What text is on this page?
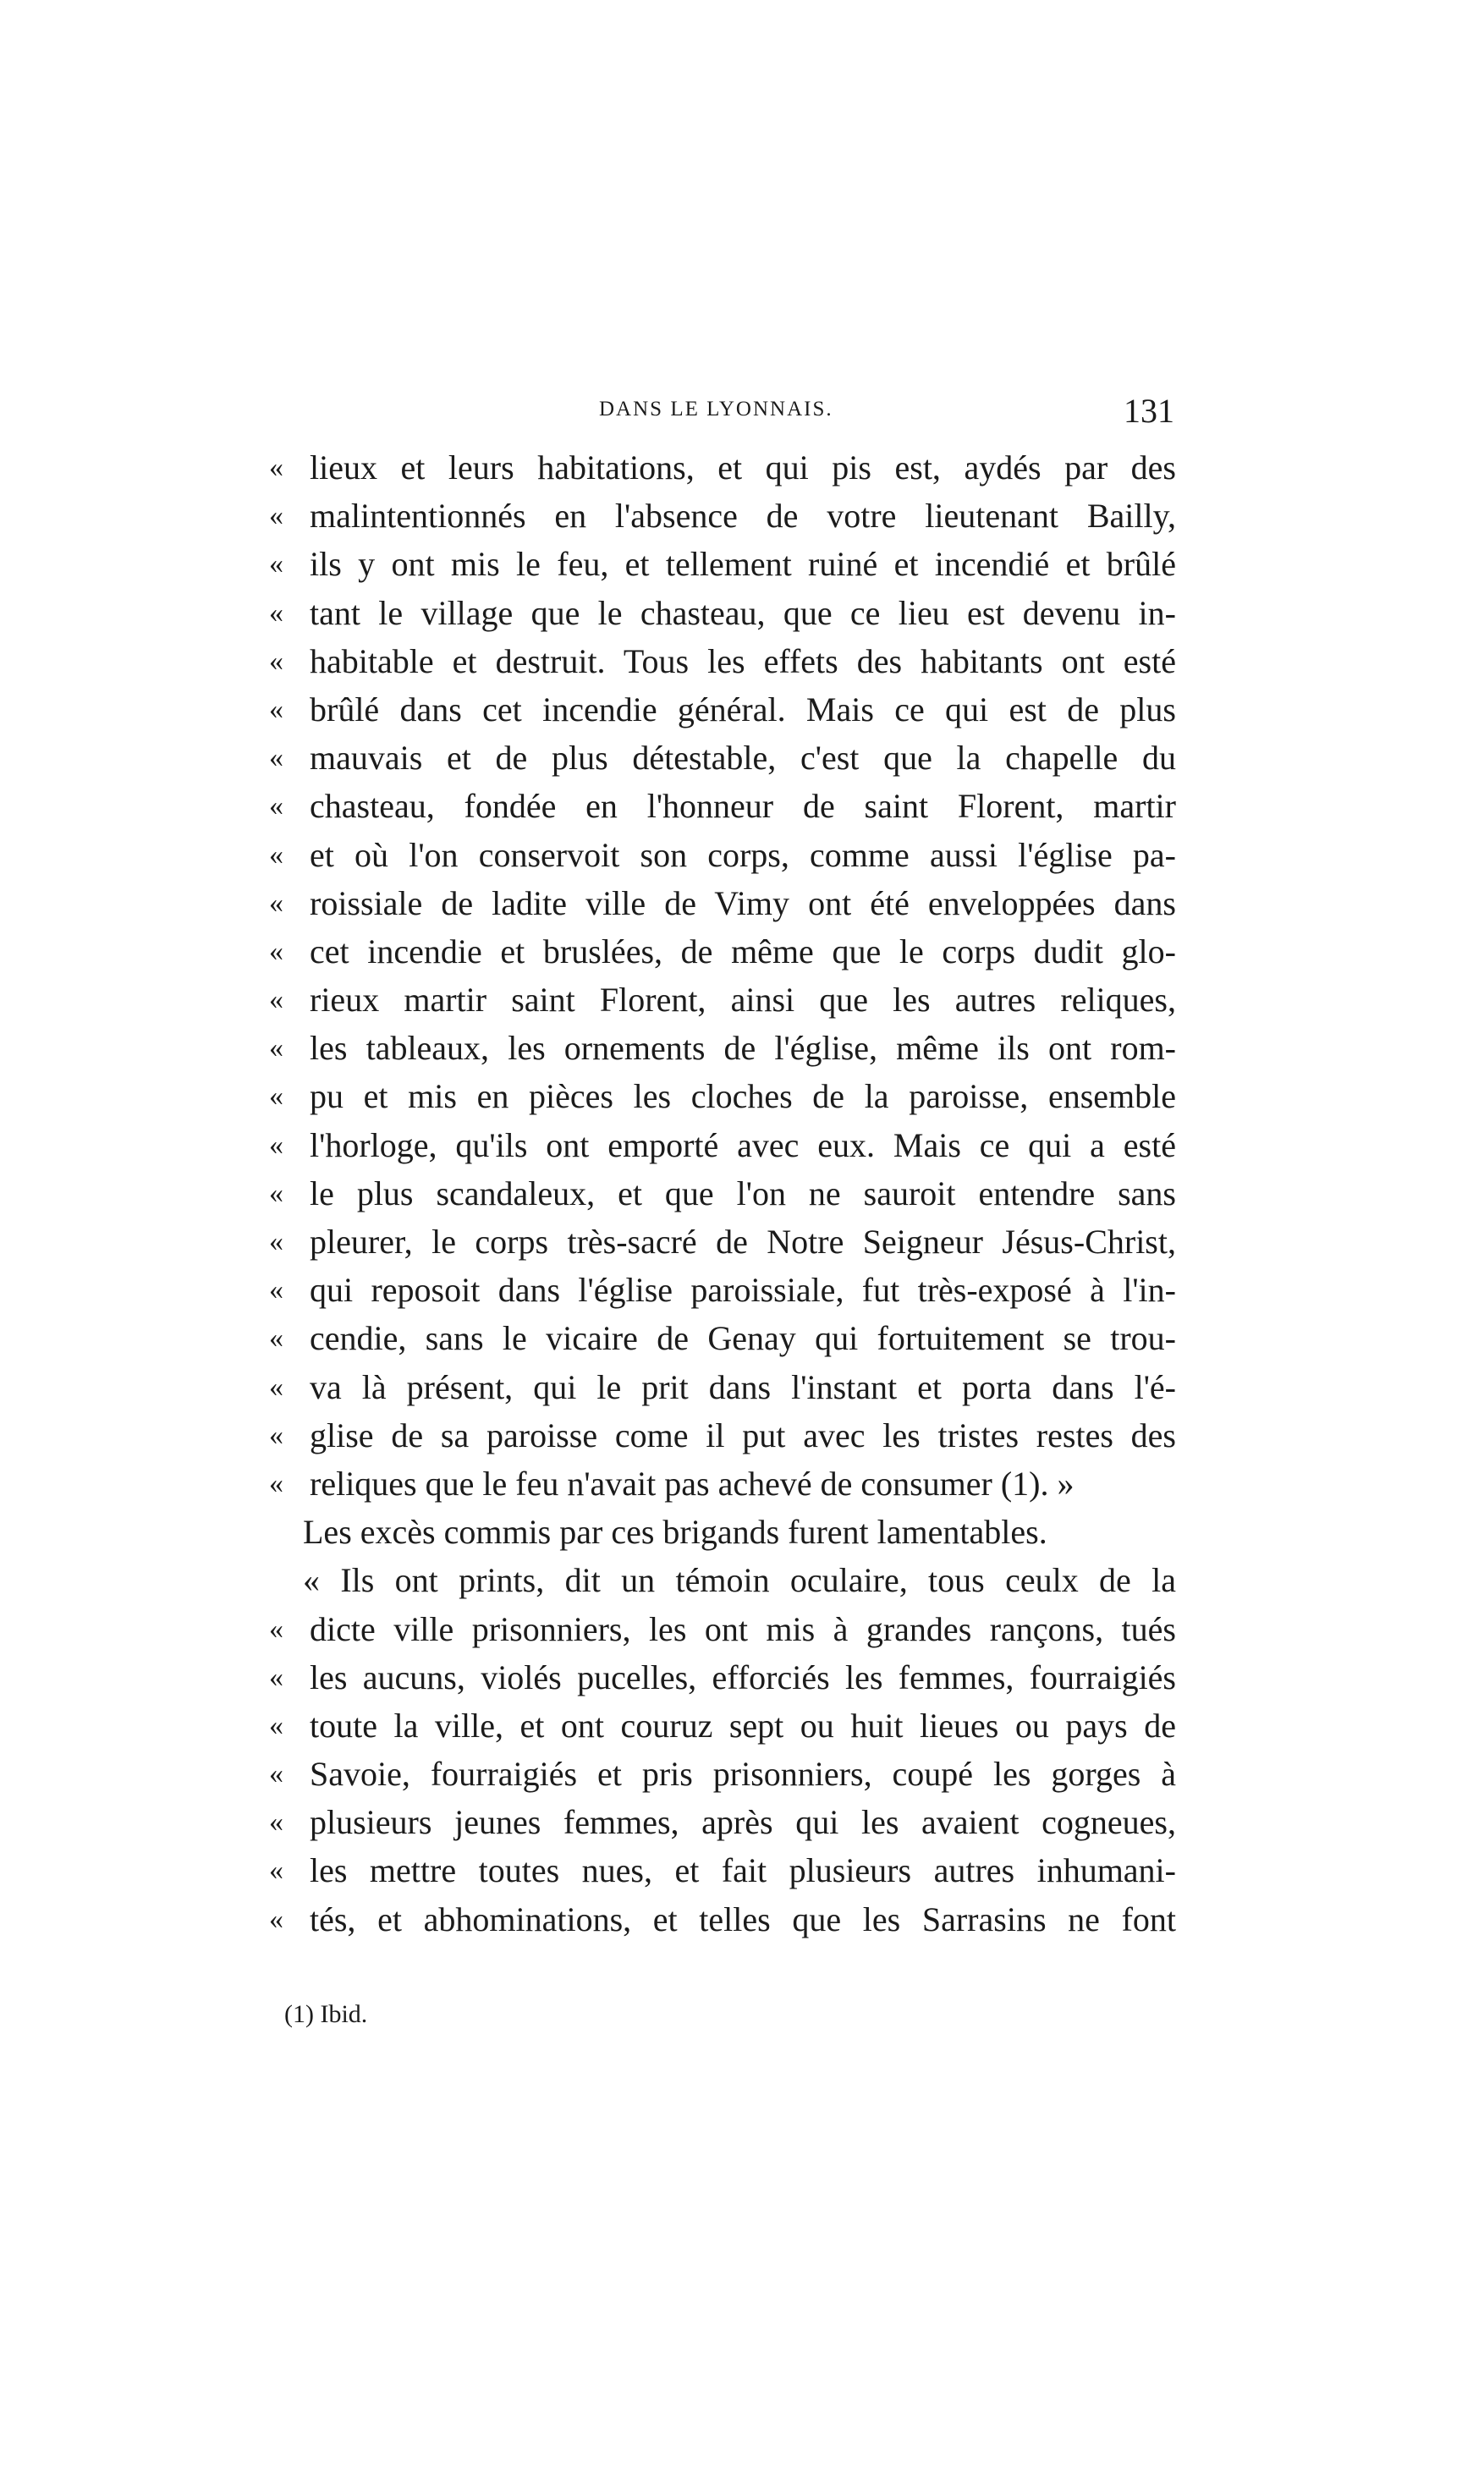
DANS LE LYONNAIS.	131
« lieux et leurs habitations, et qui pis est, aydés par des
« malintentionnés en l'absence de votre lieutenant Bailly,
« ils y ont mis le feu, et tellement ruiné et incendié et brûlé
« tant le village que le chasteau, que ce lieu est devenu in-
« habitable et destruit. Tous les effets des habitants ont esté
« brûlé dans cet incendie général. Mais ce qui est de plus
« mauvais et de plus détestable, c'est que la chapelle du
« chasteau, fondée en l'honneur de saint Florent, martir
« et où l'on conservoit son corps, comme aussi l'église pa-
« roissiale de ladite ville de Vimy ont été enveloppées dans
« cet incendie et bruslées, de même que le corps dudit glo-
« rieux martir saint Florent, ainsi que les autres reliques,
« les tableaux, les ornements de l'église, même ils ont rom-
« pu et mis en pièces les cloches de la paroisse, ensemble
« l'horloge, qu'ils ont emporté avec eux. Mais ce qui a esté
« le plus scandaleux, et que l'on ne sauroit entendre sans
« pleurer, le corps très-sacré de Notre Seigneur Jésus-Christ,
« qui reposoit dans l'église paroissiale, fut très-exposé à l'in-
« cendie, sans le vicaire de Genay qui fortuitement se trou-
« va là présent, qui le prit dans l'instant et porta dans l'é-
« glise de sa paroisse come il put avec les tristes restes des
« reliques que le feu n'avait pas achevé de consumer (1). »
Les excès commis par ces brigands furent lamentables.
« Ils ont prints, dit un témoin oculaire, tous ceulx de la
« dicte ville prisonniers, les ont mis à grandes rançons, tués
« les aucuns, violés pucelles, efforciés les femmes, fourraigiés
« toute la ville, et ont couruz sept ou huit lieues ou pays de
« Savoie, fourraigiés et pris prisonniers, coupé les gorges à
« plusieurs jeunes femmes, après qui les avaient cogneues,
« les mettre toutes nues, et fait plusieurs autres inhumani-
« tés, et abhominations, et telles que les Sarrasins ne font
(1) Ibid.
